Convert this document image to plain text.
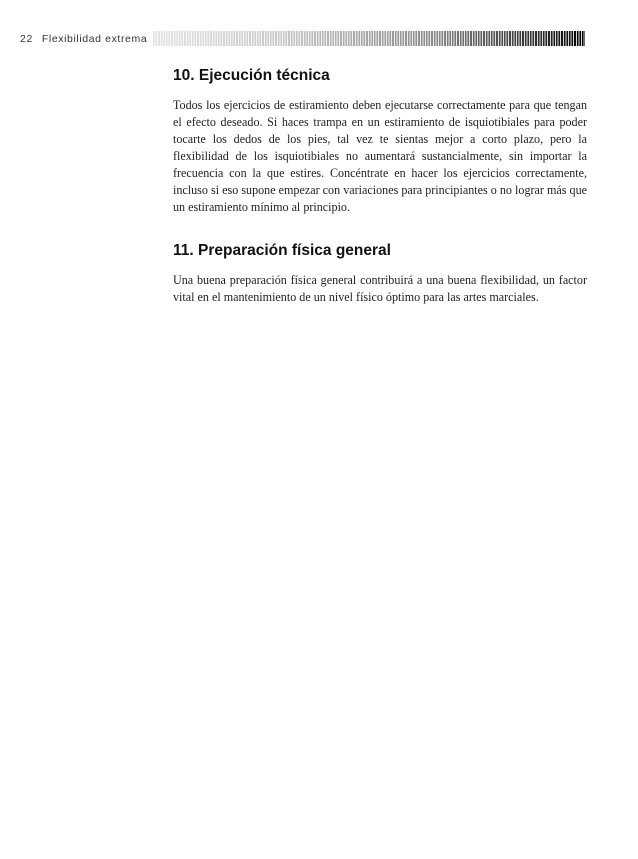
22 Flexibilidad extrema
10. Ejecución técnica

Todos los ejercicios de estiramiento deben ejecutarse correctamente para que tengan el efecto deseado. Si haces trampa en un estiramiento de isquiotibiales para poder tocarte los dedos de los pies, tal vez te sientas mejor a corto plazo, pero la flexibilidad de los isquiotibiales no aumentará sustancialmente, sin importar la frecuencia con la que estires. Concéntrate en hacer los ejercicios correctamente, incluso si eso supone empezar con variaciones para principiantes o no lograr más que un estiramiento mínimo al principio.

11. Preparación física general

Una buena preparación física general contribuirá a una buena flexibilidad, un factor vital en el mantenimiento de un nivel físico óptimo para las artes marciales.
